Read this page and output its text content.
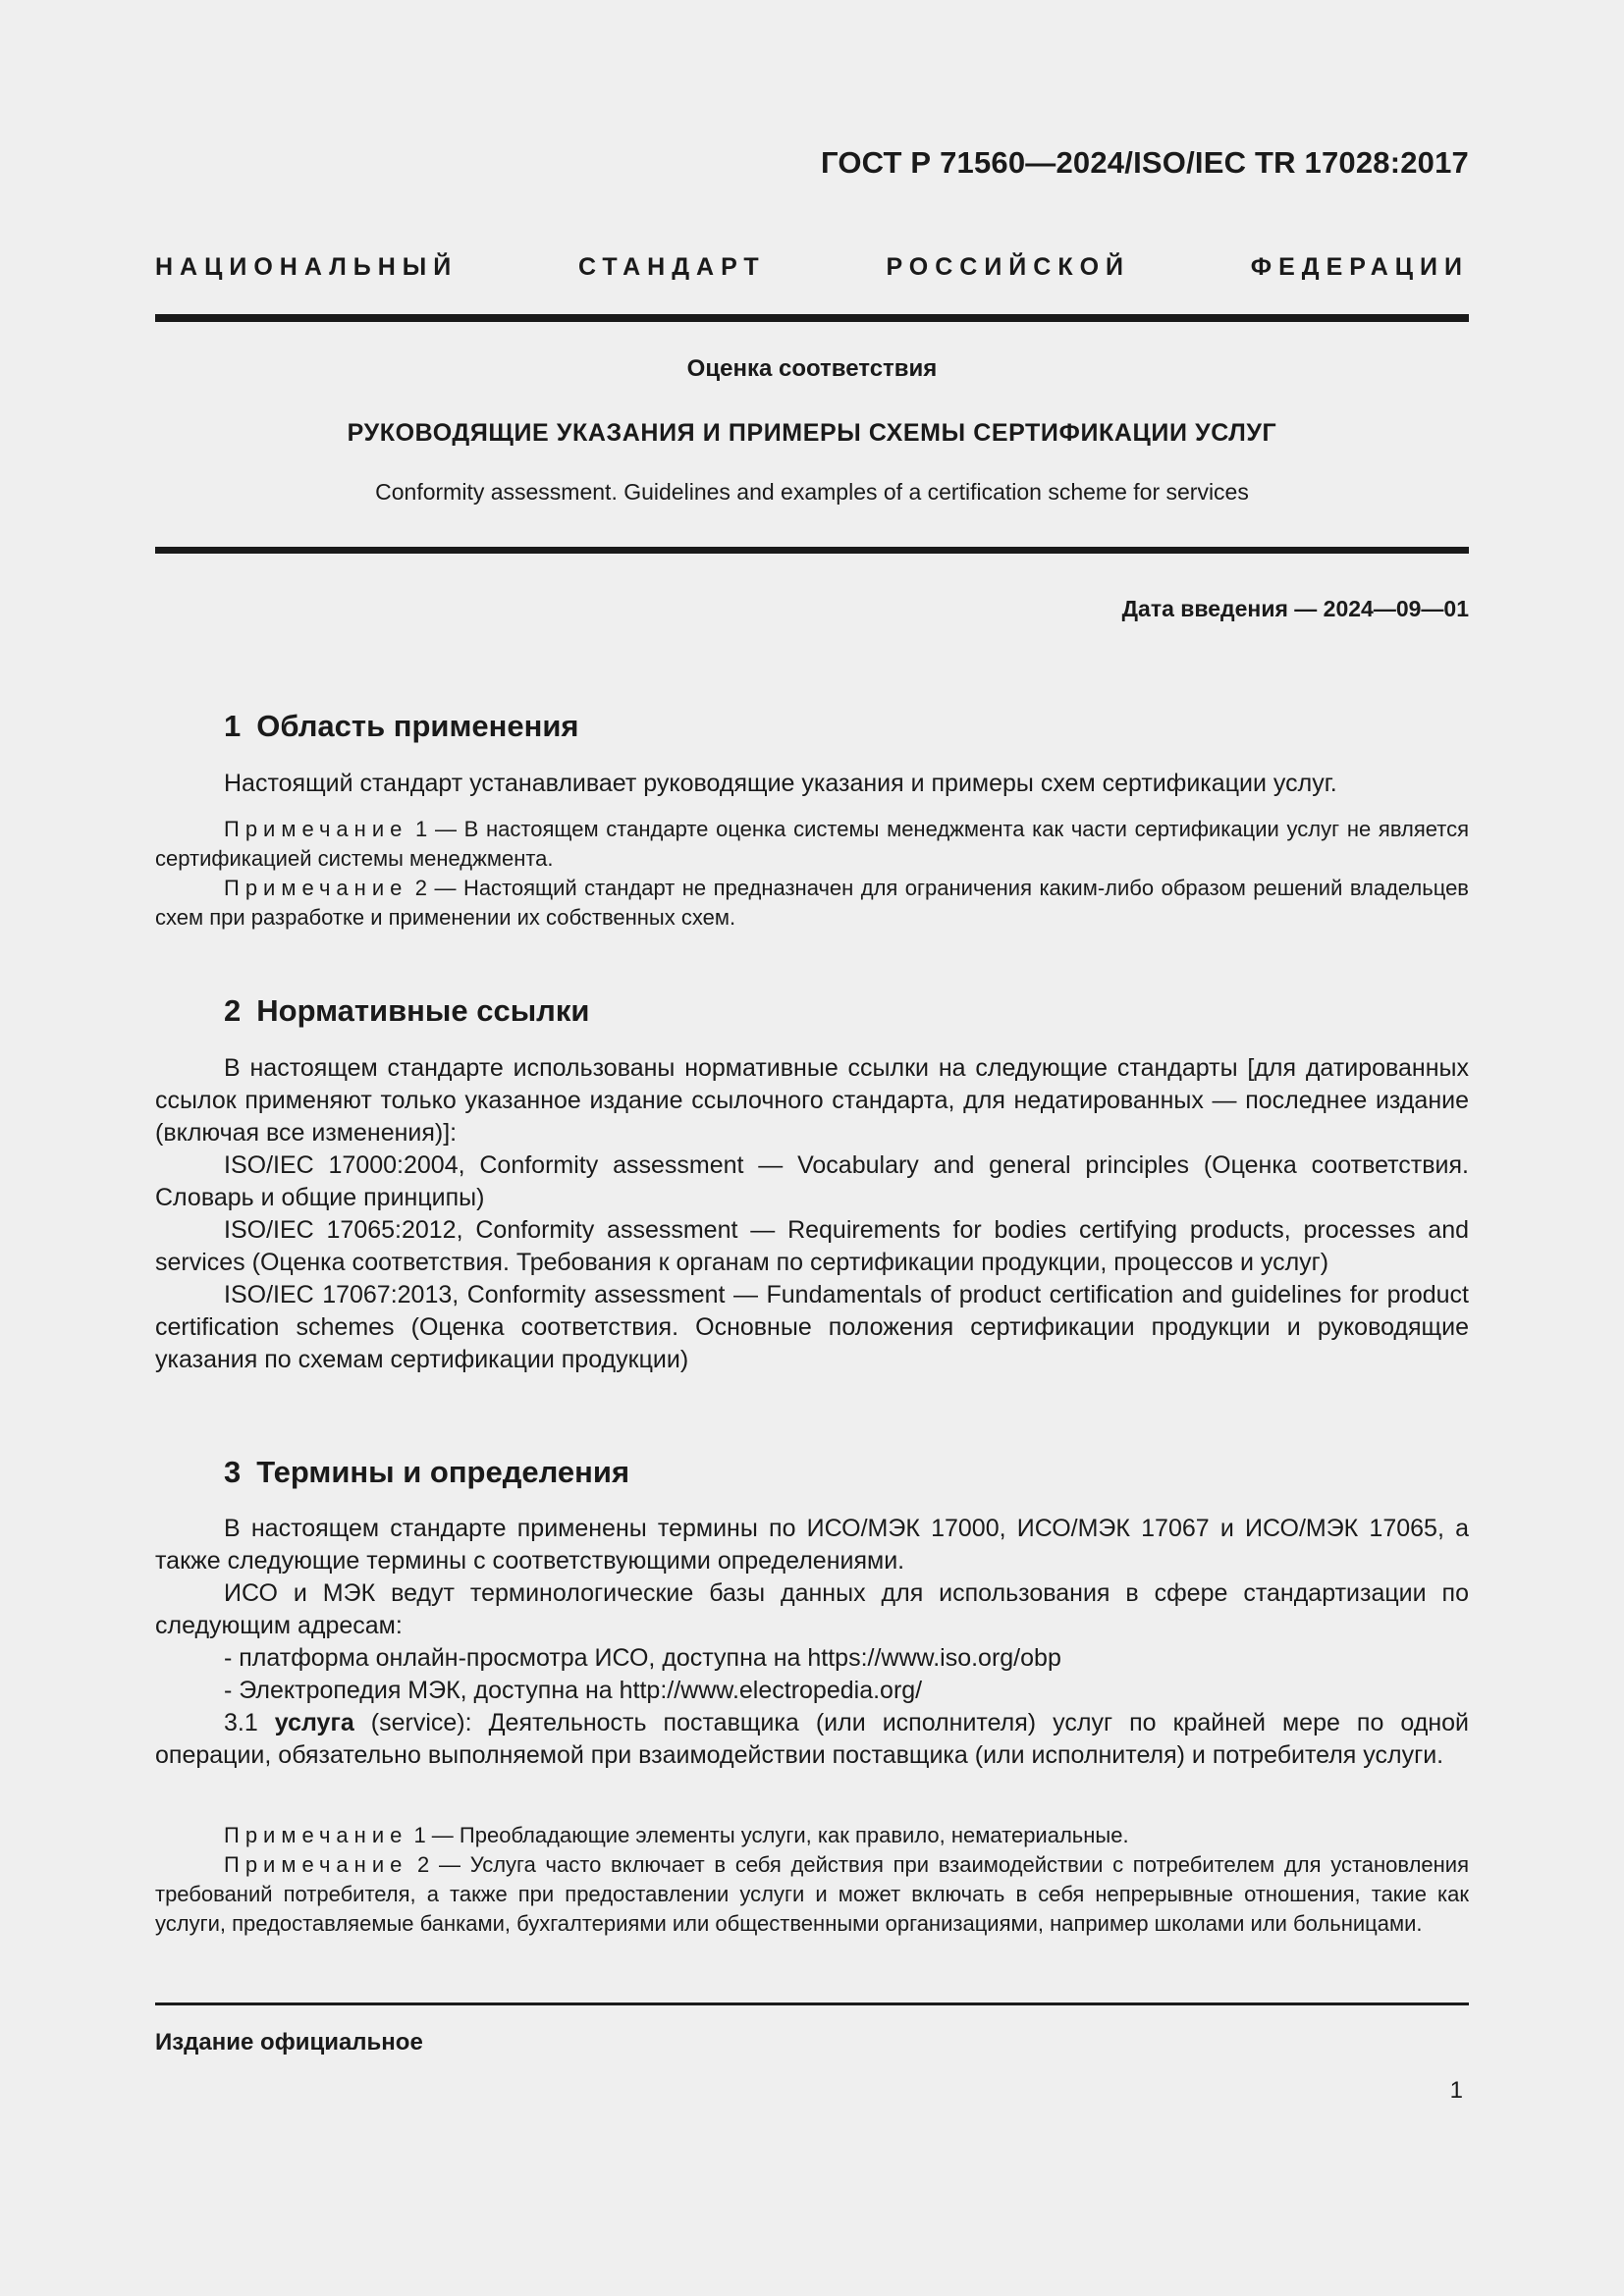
ГОСТ Р 71560—2024/ISO/IEC TR 17028:2017
НАЦИОНАЛЬНЫЙ СТАНДАРТ РОССИЙСКОЙ ФЕДЕРАЦИИ
Оценка соответствия
РУКОВОДЯЩИЕ УКАЗАНИЯ И ПРИМЕРЫ СХЕМЫ СЕРТИФИКАЦИИ УСЛУГ
Conformity assessment. Guidelines and examples of a certification scheme for services
Дата введения — 2024—09—01
1 Область применения

Настоящий стандарт устанавливает руководящие указания и примеры схем сертификации услуг.

Примечание 1 — В настоящем стандарте оценка системы менеджмента как части сертификации услуг не является сертификацией системы менеджмента.

Примечание 2 — Настоящий стандарт не предназначен для ограничения каким-либо образом решений владельцев схем при разработке и применении их собственных схем.

2 Нормативные ссылки

В настоящем стандарте использованы нормативные ссылки на следующие стандарты [для датированных ссылок применяют только указанное издание ссылочного стандарта, для недатированных — последнее издание (включая все изменения)]:

ISO/IEC 17000:2004, Conformity assessment — Vocabulary and general principles (Оценка соответствия. Словарь и общие принципы)

ISO/IEC 17065:2012, Conformity assessment — Requirements for bodies certifying products, processes and services (Оценка соответствия. Требования к органам по сертификации продукции, процессов и услуг)

ISO/IEC 17067:2013, Conformity assessment — Fundamentals of product certification and guidelines for product certification schemes (Оценка соответствия. Основные положения сертификации продукции и руководящие указания по схемам сертификации продукции)

3 Термины и определения

В настоящем стандарте применены термины по ИСО/МЭК 17000, ИСО/МЭК 17067 и ИСО/МЭК 17065, а также следующие термины с соответствующими определениями.

ИСО и МЭК ведут терминологические базы данных для использования в сфере стандартизации по следующим адресам:

- платформа онлайн-просмотра ИСО, доступна на https://www.iso.org/obp

- Электропедия МЭК, доступна на http://www.electropedia.org/

3.1 услуга (service): Деятельность поставщика (или исполнителя) услуг по крайней мере по одной операции, обязательно выполняемой при взаимодействии поставщика (или исполнителя) и потребителя услуги.

Примечание 1 — Преобладающие элементы услуги, как правило, нематериальные.

Примечание 2 — Услуга часто включает в себя действия при взаимодействии с потребителем для установления требований потребителя, а также при предоставлении услуги и может включать в себя непрерывные отношения, такие как услуги, предоставляемые банками, бухгалтериями или общественными организациями, например школами или больницами.

Издание официальное
1
